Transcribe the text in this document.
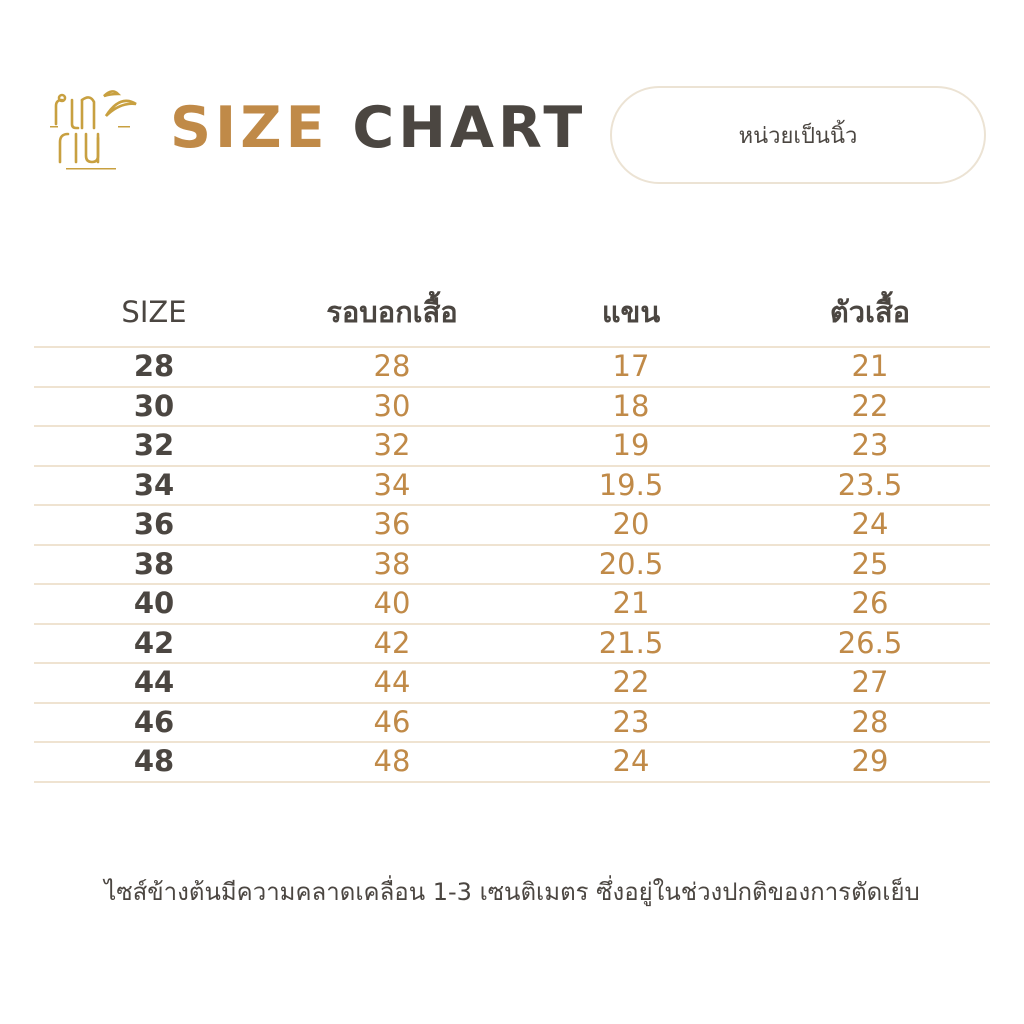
SIZE CHART	หน่วยเป็นนิ้ว
SIZE	รอบอกเสื้อ	แขน	ตัวเสื้อ
28	28	17	21
30	30	18	22
32	32	19	23
34	34	19.5	23.5
36	36	20	24
38	38	20.5	25
40	40	21	26
42	42	21.5	26.5
44	44	22	27
46	46	23	28
48	48	24	29
ไซส์ข้างต้นมีความคลาดเคลื่อน 1-3 เซนติเมตร ซึ่งอยู่ในช่วงปกติของการตัดเย็บ
